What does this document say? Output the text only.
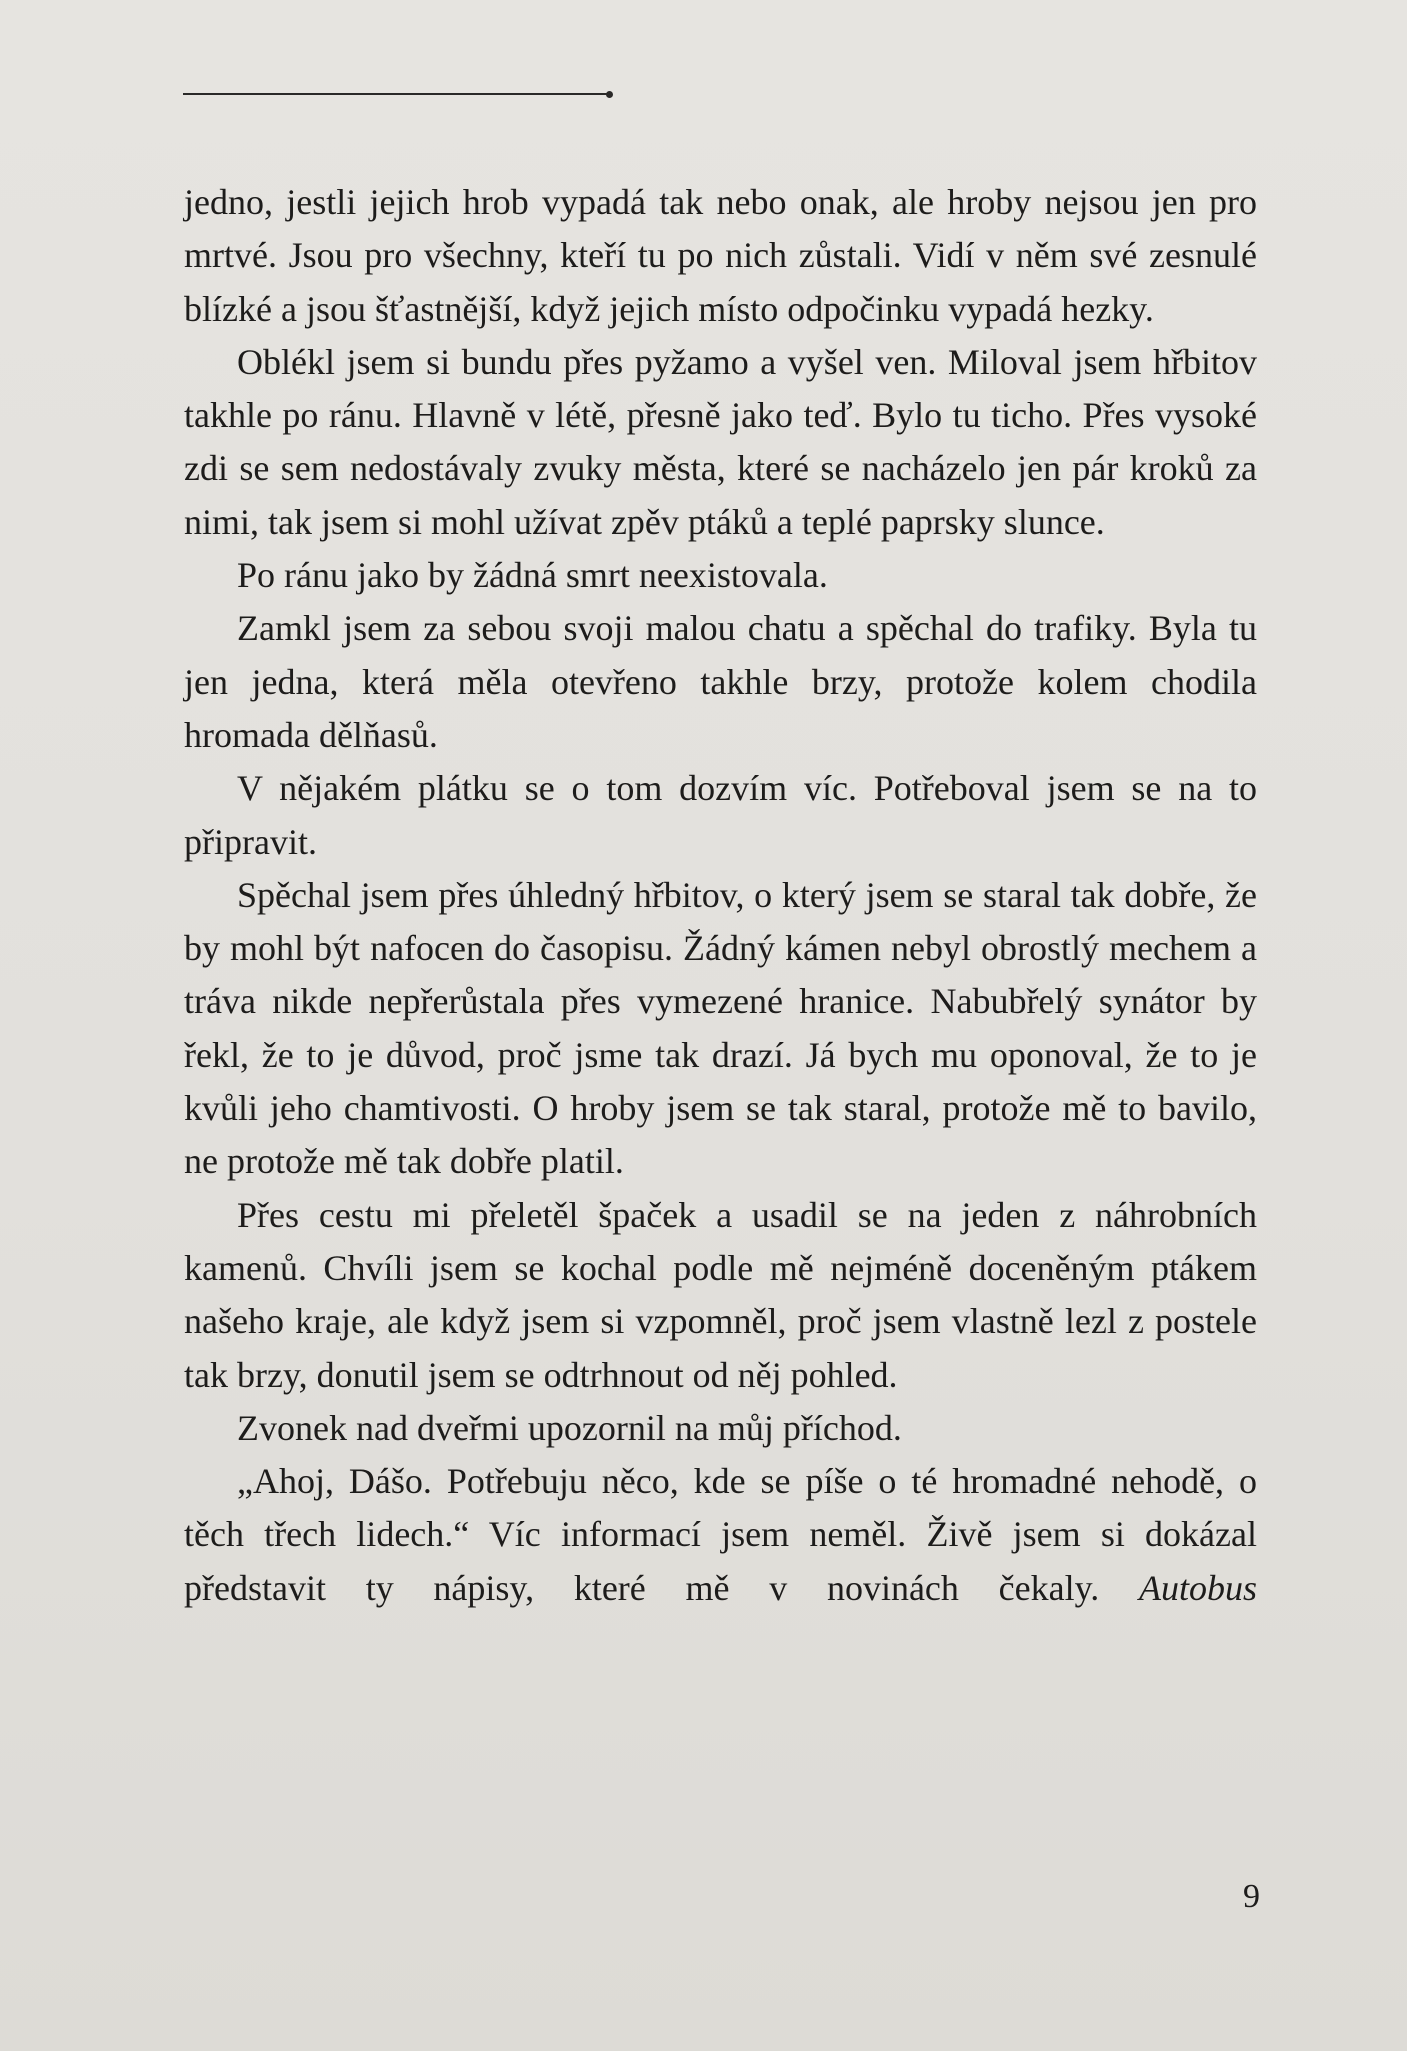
jedno, jestli jejich hrob vypadá tak nebo onak, ale hroby nejsou jen pro mrtvé. Jsou pro všechny, kteří tu po nich zůstali. Vidí v něm své zesnulé blízké a jsou šťastnější, když jejich místo odpočinku vypadá hezky.

Oblékl jsem si bundu přes pyžamo a vyšel ven. Miloval jsem hřbitov takhle po ránu. Hlavně v létě, přesně jako teď. Bylo tu ticho. Přes vysoké zdi se sem nedostávaly zvuky města, které se nacházelo jen pár kroků za nimi, tak jsem si mohl užívat zpěv ptáků a teplé paprsky slunce.

Po ránu jako by žádná smrt neexistovala.

Zamkl jsem za sebou svoji malou chatu a spěchal do trafiky. Byla tu jen jedna, která měla otevřeno takhle brzy, protože kolem chodila hromada dělňasů.

V nějakém plátku se o tom dozvím víc. Potřeboval jsem se na to připravit.

Spěchal jsem přes úhledný hřbitov, o který jsem se staral tak dobře, že by mohl být nafocen do časopisu. Žádný kámen nebyl obrostlý mechem a tráva nikde nepřerůstala přes vymezené hranice. Nabubřelý synátor by řekl, že to je důvod, proč jsme tak drazí. Já bych mu oponoval, že to je kvůli jeho chamtivosti. O hroby jsem se tak staral, protože mě to bavilo, ne protože mě tak dobře platil.

Přes cestu mi přeletěl špaček a usadil se na jeden z náhrobních kamenů. Chvíli jsem se kochal podle mě nejméně doceněným ptákem našeho kraje, ale když jsem si vzpomněl, proč jsem vlastně lezl z postele tak brzy, donutil jsem se odtrhnout od něj pohled.

Zvonek nad dveřmi upozornil na můj příchod.

„Ahoj, Dášo. Potřebuju něco, kde se píše o té hromadné nehodě, o těch třech lidech.“ Víc informací jsem neměl. Živě jsem si dokázal představit ty nápisy, které mě v novinách čekaly. Autobus

9
